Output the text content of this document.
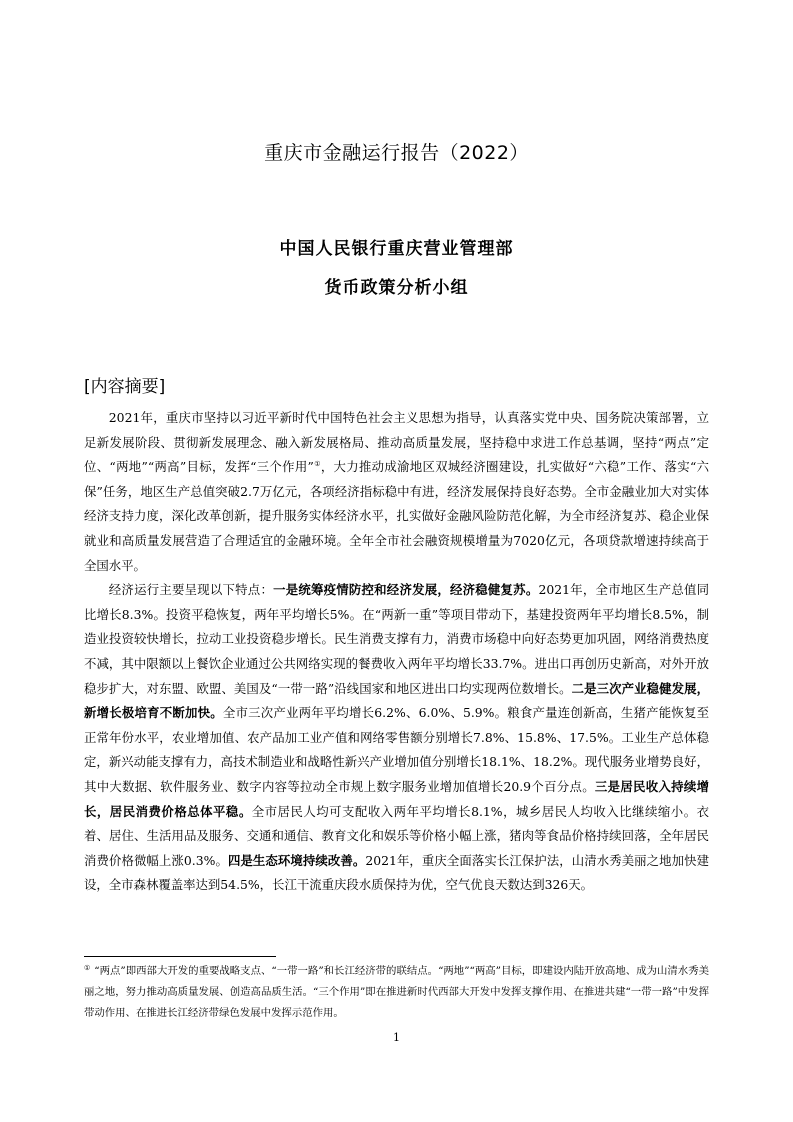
重庆市金融运行报告（2022）
中国人民银行重庆营业管理部
货币政策分析小组
[内容摘要]

2021年，重庆市坚持以习近平新时代中国特色社会主义思想为指导，认真落实党中央、国务院决策部署，立足新发展阶段、贯彻新发展理念、融入新发展格局、推动高质量发展，坚持稳中求进工作总基调，坚持“两点”定位、“两地”“两高”目标，发挥“三个作用”①，大力推动成渝地区双城经济圈建设，扎实做好“六稳”工作、落实“六保”任务，地区生产总值突破2.7万亿元，各项经济指标稳中有进，经济发展保持良好态势。全市金融业加大对实体经济支持力度，深化改革创新，提升服务实体经济水平，扎实做好金融风险防范化解，为全市经济复苏、稳企业保就业和高质量发展营造了合理适宜的金融环境。全年全市社会融资规模增量为7020亿元，各项贷款增速持续高于全国水平。

经济运行主要呈现以下特点：一是统筹疫情防控和经济发展，经济稳健复苏。2021年，全市地区生产总值同比增长8.3%。投资平稳恢复，两年平均增长5%。在“两新一重”等项目带动下，基建投资两年平均增长8.5%，制造业投资较快增长，拉动工业投资稳步增长。民生消费支撑有力，消费市场稳中向好态势更加巩固，网络消费热度不减，其中限额以上餐饮企业通过公共网络实现的餐费收入两年平均增长33.7%。进出口再创历史新高，对外开放稳步扩大，对东盟、欧盟、美国及“一带一路”沿线国家和地区进出口均实现两位数增长。二是三次产业稳健发展，新增长极培育不断加快。全市三次产业两年平均增长6.2%、6.0%、5.9%。粮食产量连创新高，生猪产能恢复至正常年份水平，农业增加值、农产品加工业产值和网络零售额分别增长7.8%、15.8%、17.5%。工业生产总体稳定，新兴动能支撑有力，高技术制造业和战略性新兴产业增加值分别增长18.1%、18.2%。现代服务业增势良好，其中大数据、软件服务业、数字内容等拉动全市规上数字服务业增加值增长20.9个百分点。三是居民收入持续增长，居民消费价格总体平稳。全市居民人均可支配收入两年平均增长8.1%，城乡居民人均收入比继续缩小。衣着、居住、生活用品及服务、交通和通信、教育文化和娱乐等价格小幅上涨，猪肉等食品价格持续回落，全年居民消费价格微幅上涨0.3%。四是生态环境持续改善。2021年，重庆全面落实长江保护法，山清水秀美丽之地加快建设，全市森林覆盖率达到54.5%，长江干流重庆段水质保持为优，空气优良天数达到326天。

① “两点”即西部大开发的重要战略支点、“一带一路”和长江经济带的联结点。“两地”“两高”目标，即建设内陆开放高地、成为山清水秀美丽之地，努力推动高质量发展、创造高品质生活。“三个作用”即在推进新时代西部大开发中发挥支撑作用、在推进共建“一带一路”中发挥带动作用、在推进长江经济带绿色发展中发挥示范作用。
1
